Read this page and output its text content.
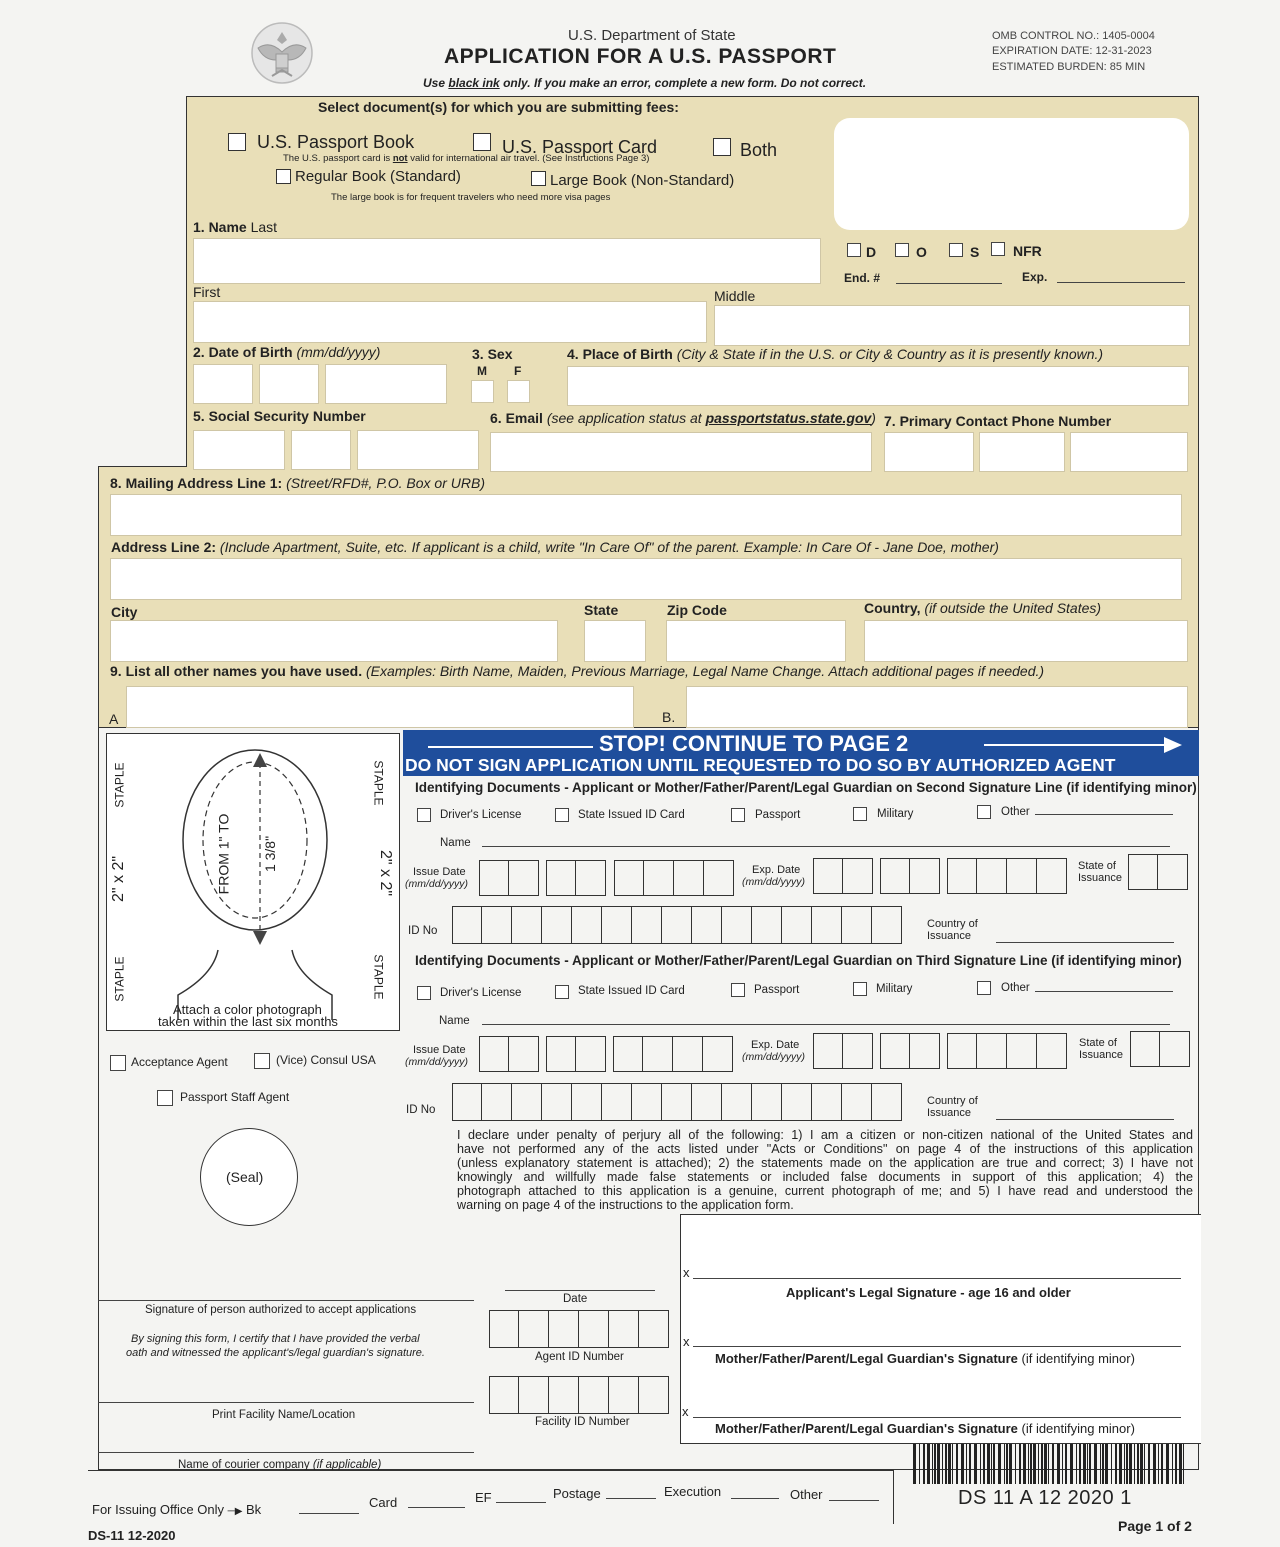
U.S. Department of State
APPLICATION FOR A U.S. PASSPORT
Use black ink only. If you make an error, complete a new form. Do not correct.
OMB CONTROL NO.: 1405-0004
EXPIRATION DATE: 12-31-2023
ESTIMATED BURDEN: 85 MIN
Select document(s) for which you are submitting fees:
U.S. Passport Book	U.S. Passport Card	Both
The U.S. passport card is not valid for international air travel. (See Instructions Page 3)
Regular Book (Standard)	Large Book (Non-Standard)
The large book is for frequent travelers who need more visa pages
D	O	S NFR
End. #	Exp.
1. Name Last
First	Middle
2. Date of Birth (mm/dd/yyyy)	3. Sex
M F
4. Place of Birth (City & State if in the U.S. or City & Country as it is presently known.)
5. Social Security Number	6. Email (see application status at passportstatus.state.gov) 7. Primary Contact Phone Number
8. Mailing Address Line 1: (Street/RFD#, P.O. Box or URB)
Address Line 2: (Include Apartment, Suite, etc. If applicant is a child, write "In Care Of" of the parent. Example: In Care Of - Jane Doe, mother)
City	State	Zip Code	Country, (if outside the United States)
9. List all other names you have used. (Examples: Birth Name, Maiden, Previous Marriage, Legal Name Change. Attach additional pages if needed.)
A	B.
STAPLE
STAPLE
STAPLE
STAPLE
2" x 2"	2" x 2"
FROM 1" TO 1 3/8"
Attach a color photograph
taken within the last six months
STOP! CONTINUE TO PAGE 2
DO NOT SIGN APPLICATION UNTIL REQUESTED TO DO SO BY AUTHORIZED AGENT
Identifying Documents - Applicant or Mother/Father/Parent/Legal Guardian on Second Signature Line (if identifying minor)
Driver's License	State Issued ID Card	Passport	Military	Other
Name
Issue Date
(mm/dd/yyyy)
Exp. Date
(mm/dd/yyyy)
State of
Issuance
ID No
Country of
Issuance
Identifying Documents - Applicant or Mother/Father/Parent/Legal Guardian on Third Signature Line (if identifying minor)
Driver's License	State Issued ID Card	Passport	Military	Other
Name
Issue Date
(mm/dd/yyyy)
Exp. Date
(mm/dd/yyyy)
State of
Issuance
ID No
Country of
Issuance
Acceptance Agent	(Vice) Consul USA
Passport Staff Agent
(Seal)
I declare under penalty of perjury all of the following: 1) I am a citizen or non-citizen national of the United States and
have not performed any of the acts listed under "Acts or Conditions" on page 4 of the instructions of this application
(unless explanatory statement is attached); 2) the statements made on the application are true and correct; 3) I have not
knowingly and willfully made false statements or included false documents in support of this application; 4) the
photograph attached to this application is a genuine, current photograph of me; and 5) I have read and understood the
warning on page 4 of the instructions to the application form.
x
Applicant's Legal Signature - age 16 and older
x
Mother/Father/Parent/Legal Guardian's Signature (if identifying minor)
x
Mother/Father/Parent/Legal Guardian's Signature (if identifying minor)
Signature of person authorized to accept applications
By signing this form, I certify that I have provided the verbal
oath and witnessed the applicant's/legal guardian's signature.
Date
Agent ID Number
Print Facility Name/Location
Facility ID Number
Name of courier company (if applicable)
For Issuing Office Only ─▶ Bk	Card	EF	Postage	Execution	Other	DS 11 A 12 2020 1
DS-11 12-2020
Page 1 of 2
